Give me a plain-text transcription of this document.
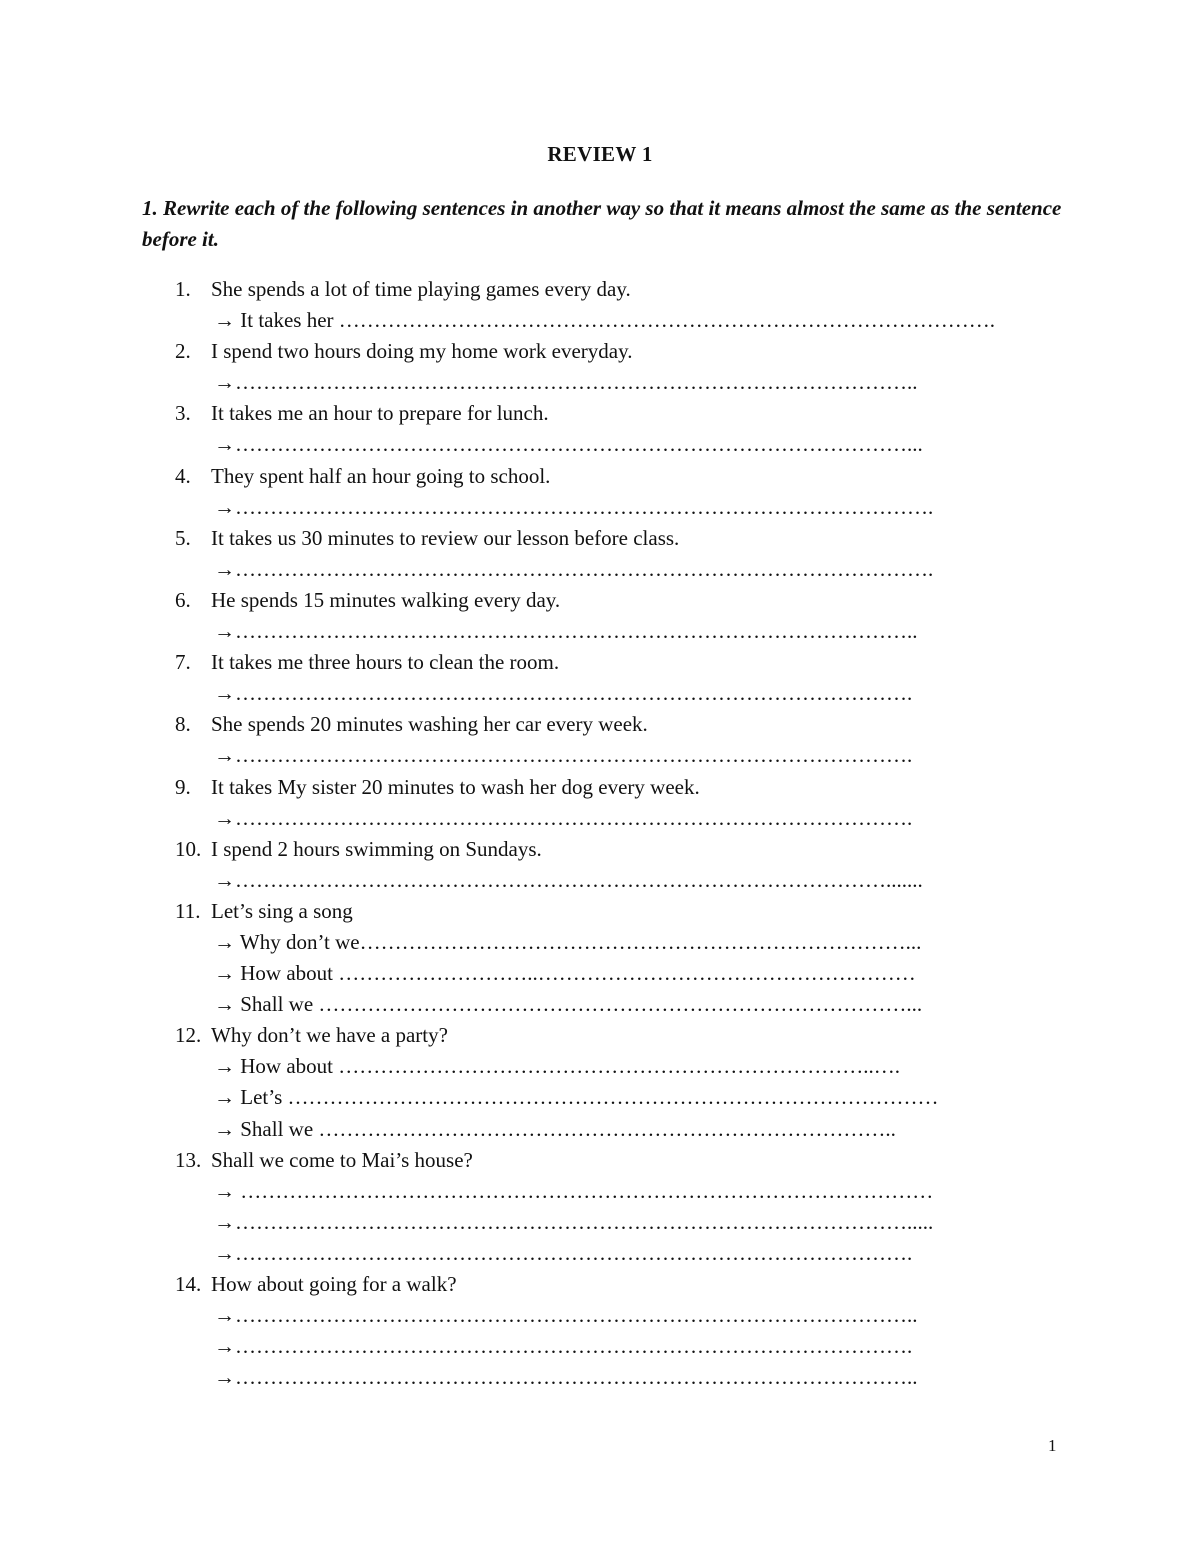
REVIEW 1
1. Rewrite each of the following sentences in another way so that it means almost the same as the sentence before it.
1. She spends a lot of time playing games every day.
→ It takes her ………………………………………………………………………………….
2. I spend two hours doing my home work everyday.
→……………………………………………………………………………………..
3. It takes me an hour to prepare for lunch.
→……………………………………………………………………………………...
4. They spent half an hour going to school.
→……………………………………………………………………………………….
5. It takes us 30 minutes to review our lesson before class.
→……………………………………………………………………………………….
6. He spends 15 minutes walking every day.
→……………………………………………………………………………………..
7. It takes me three hours to clean the room.
→…………………………………………………………………………………….
8. She spends 20 minutes washing her car every week.
→…………………………………………………………………………………….
9. It takes My sister 20 minutes to wash her dog every week.
→…………………………………………………………………………………….
10. I spend 2 hours swimming on Sundays.
→………………………………………………………………………………….......
11. Let’s sing a song
→ Why don’t we……………………………………………………………………...
→ How about ………………………..………………………………………………
→ Shall we …………………………………………………………………………...
12. Why don’t we have a party?
→ How about …………………………………………………………………..….
→ Let’s …………………………………………………………………………………
→ Shall we ………………………………………………………………………..
13. Shall we come to Mai’s house?
→ ………………………………………………………………………………………
→…………………………………………………………………………………….....
→…………………………………………………………………………………….
14. How about going for a walk?
→……………………………………………………………………………………..
→…………………………………………………………………………………….
→……………………………………………………………………………………..
1
